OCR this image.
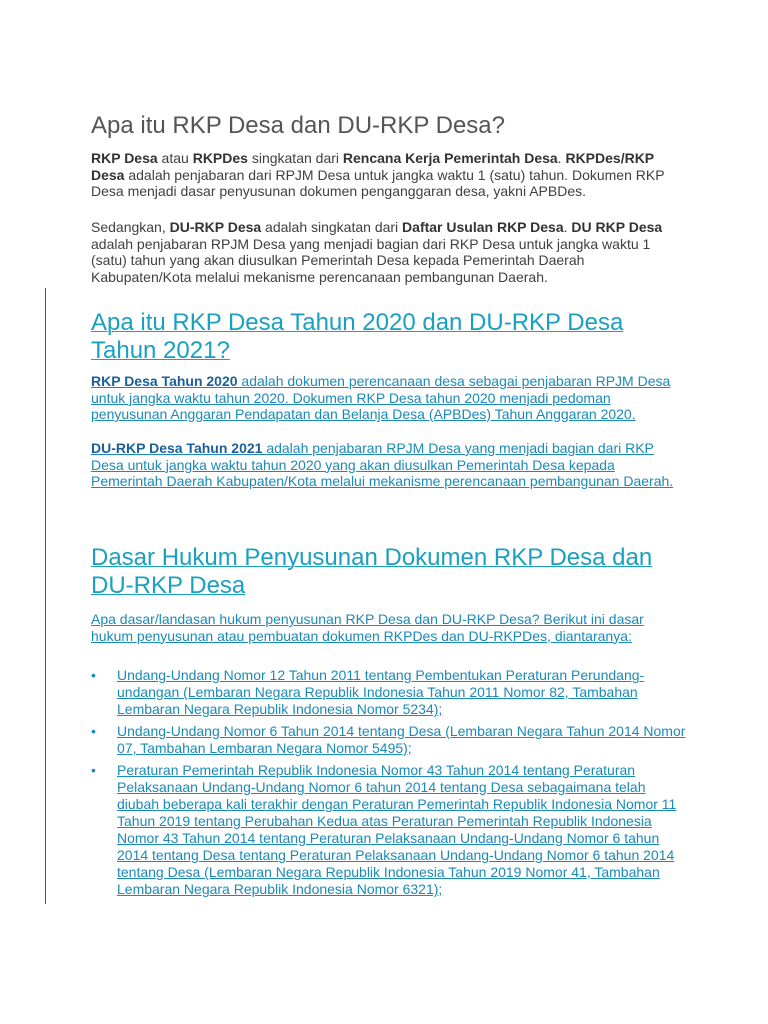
Apa itu RKP Desa dan DU-RKP Desa?

RKP Desa atau RKPDes singkatan dari Rencana Kerja Pemerintah Desa. RKPDes/RKP Desa adalah penjabaran dari RPJM Desa untuk jangka waktu 1 (satu) tahun. Dokumen RKP Desa menjadi dasar penyusunan dokumen penganggaran desa, yakni APBDes.

Sedangkan, DU-RKP Desa adalah singkatan dari Daftar Usulan RKP Desa. DU RKP Desa adalah penjabaran RPJM Desa yang menjadi bagian dari RKP Desa untuk jangka waktu 1 (satu) tahun yang akan diusulkan Pemerintah Desa kepada Pemerintah Daerah Kabupaten/Kota melalui mekanisme perencanaan pembangunan Daerah.

Apa itu RKP Desa Tahun 2020 dan DU-RKP Desa Tahun 2021?

RKP Desa Tahun 2020 adalah dokumen perencanaan desa sebagai penjabaran RPJM Desa untuk jangka waktu tahun 2020. Dokumen RKP Desa tahun 2020 menjadi pedoman penyusunan Anggaran Pendapatan dan Belanja Desa (APBDes) Tahun Anggaran 2020.

DU-RKP Desa Tahun 2021 adalah penjabaran RPJM Desa yang menjadi bagian dari RKP Desa untuk jangka waktu tahun 2020 yang akan diusulkan Pemerintah Desa kepada Pemerintah Daerah Kabupaten/Kota melalui mekanisme perencanaan pembangunan Daerah.

Dasar Hukum Penyusunan Dokumen RKP Desa dan DU-RKP Desa

Apa dasar/landasan hukum penyusunan RKP Desa dan DU-RKP Desa? Berikut ini dasar hukum penyusunan atau pembuatan dokumen RKPDes dan DU-RKPDes, diantaranya:

• Undang-Undang Nomor 12 Tahun 2011 tentang Pembentukan Peraturan Perundang-undangan (Lembaran Negara Republik Indonesia Tahun 2011 Nomor 82, Tambahan Lembaran Negara Republik Indonesia Nomor 5234);
• Undang-Undang Nomor 6 Tahun 2014 tentang Desa (Lembaran Negara Tahun 2014 Nomor 07, Tambahan Lembaran Negara Nomor 5495);
• Peraturan Pemerintah Republik Indonesia Nomor 43 Tahun 2014 tentang Peraturan Pelaksanaan Undang-Undang Nomor 6 tahun 2014 tentang Desa sebagaimana telah diubah beberapa kali terakhir dengan Peraturan Pemerintah Republik Indonesia Nomor 11 Tahun 2019 tentang Perubahan Kedua atas Peraturan Pemerintah Republik Indonesia Nomor 43 Tahun 2014 tentang Peraturan Pelaksanaan Undang-Undang Nomor 6 tahun 2014 tentang Desa tentang Peraturan Pelaksanaan Undang-Undang Nomor 6 tahun 2014 tentang Desa (Lembaran Negara Republik Indonesia Tahun 2019 Nomor 41, Tambahan Lembaran Negara Republik Indonesia Nomor 6321);
